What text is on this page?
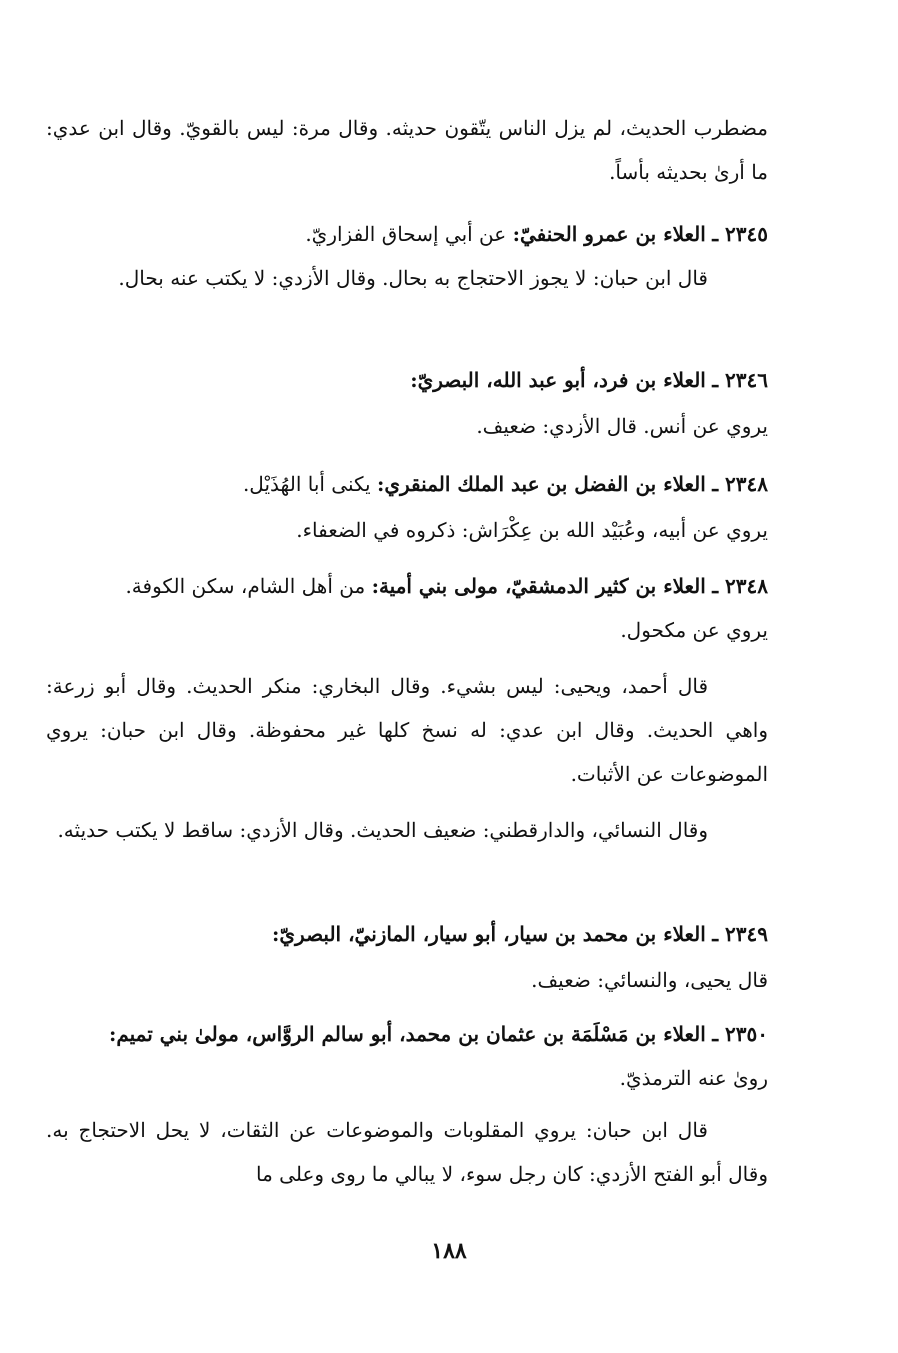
مضطرب الحديث، لم يزل الناس يتّقون حديثه. وقال مرة: ليس بالقويّ. وقال ابن عدي: ما أرىٰ بحديثه بأساً.
٢٣٤٥ ـ العلاء بن عمرو الحنفيّ: عن أبي إسحاق الفزاريّ.
قال ابن حبان: لا يجوز الاحتجاج به بحال. وقال الأزدي: لا يكتب عنه بحال.
٢٣٤٦ ـ العلاء بن فرد، أبو عبد الله، البصريّ:
يروي عن أنس. قال الأزدي: ضعيف.
٢٣٤٨ ـ العلاء بن الفضل بن عبد الملك المنقري: يكنى أبا الهُذَيْل.
يروي عن أبيه، وعُبَيْد الله بن عِكْرَاش: ذكروه في الضعفاء.
٢٣٤٨ ـ العلاء بن كثير الدمشقيّ، مولى بني أمية: من أهل الشام، سكن الكوفة.
يروي عن مكحول.
قال أحمد، ويحيى: ليس بشيء. وقال البخاري: منكر الحديث. وقال أبو زرعة: واهي الحديث. وقال ابن عدي: له نسخ كلها غير محفوظة. وقال ابن حبان: يروي الموضوعات عن الأثبات.
وقال النسائي، والدارقطني: ضعيف الحديث. وقال الأزدي: ساقط لا يكتب حديثه.
٢٣٤٩ ـ العلاء بن محمد بن سيار، أبو سيار، المازنيّ، البصريّ:
قال يحيى، والنسائي: ضعيف.
٢٣٥٠ ـ العلاء بن مَسْلَمَة بن عثمان بن محمد، أبو سالم الروَّاس، مولىٰ بني تميم:
روىٰ عنه الترمذيّ.
قال ابن حبان: يروي المقلوبات والموضوعات عن الثقات، لا يحل الاحتجاج به. وقال أبو الفتح الأزدي: كان رجل سوء، لا يبالي ما روى وعلى ما
١٨٨
